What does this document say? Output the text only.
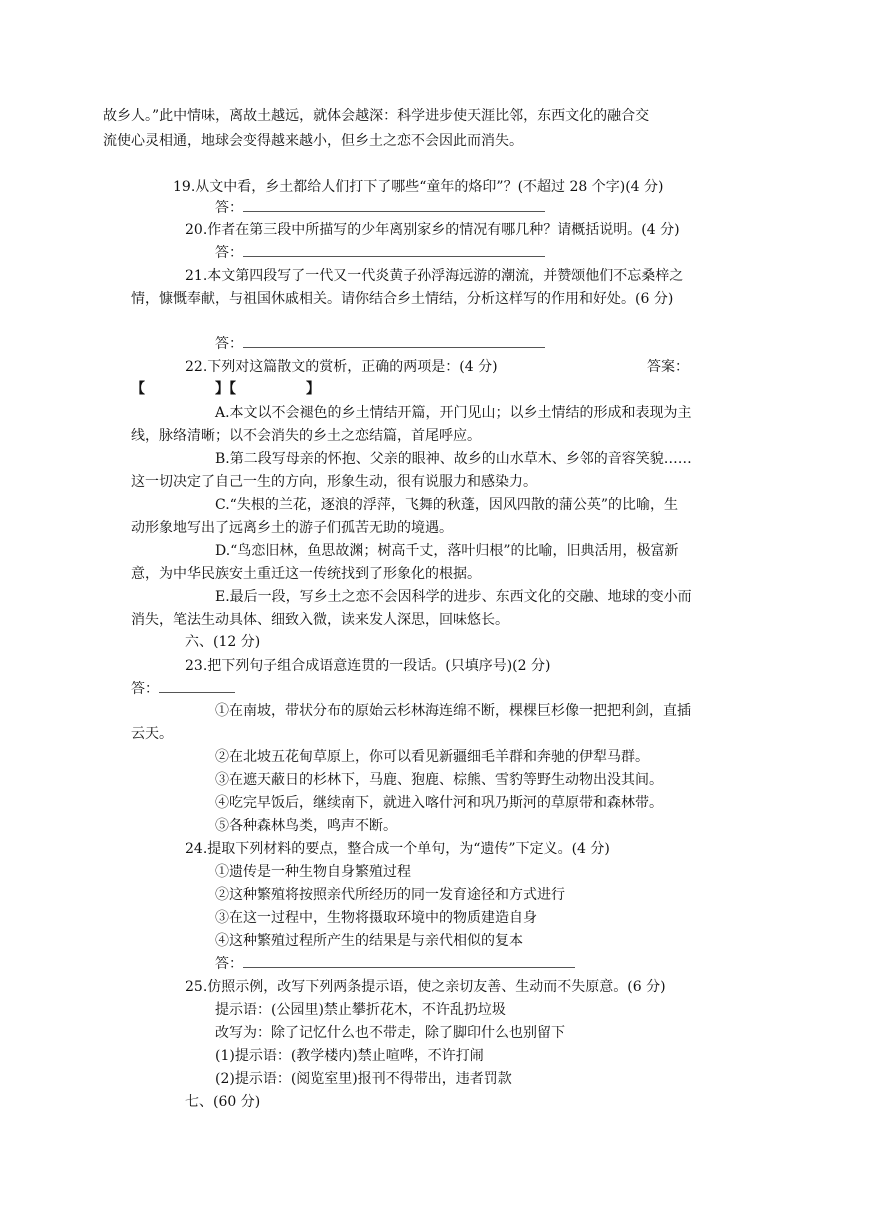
故乡人。”此中情味，离故土越远，就体会越深：科学进步使天涯比邻，东西文化的融合交
流使心灵相通，地球会变得越来越小，但乡土之恋不会因此而消失。
19.从文中看，乡土都给人们打下了哪些“童年的烙印”？(不超过 28 个字)(4 分)
答：
20.作者在第三段中所描写的少年离别家乡的情况有哪几种？请概括说明。(4 分)
答：
21.本文第四段写了一代又一代炎黄子孙浮海远游的潮流，并赞颂他们不忘桑梓之
情，慷慨奉献，与祖国休戚相关。请你结合乡土情结，分析这样写的作用和好处。(6 分)
答：
22.下列对这篇散文的赏析，正确的两项是：(4 分)	答案：
【　　　　　】【　　　　　】
A.本文以不会褪色的乡土情结开篇，开门见山；以乡土情结的形成和表现为主
线，脉络清晰；以不会消失的乡土之恋结篇，首尾呼应。
B.第二段写母亲的怀抱、父亲的眼神、故乡的山水草木、乡邻的音容笑貌……
这一切决定了自己一生的方向，形象生动，很有说服力和感染力。
C.“失根的兰花，逐浪的浮萍，飞舞的秋蓬，因风四散的蒲公英”的比喻，生
动形象地写出了远离乡土的游子们孤苦无助的境遇。
D.“鸟恋旧林，鱼思故渊；树高千丈，落叶归根”的比喻，旧典活用，极富新
意，为中华民族安土重迁这一传统找到了形象化的根据。
E.最后一段，写乡土之恋不会因科学的进步、东西文化的交融、地球的变小而
消失，笔法生动具体、细致入微，读来发人深思，回味悠长。
六、(12 分)
23.把下列句子组合成语意连贯的一段话。(只填序号)(2 分)
答：
①在南坡，带状分布的原始云杉林海连绵不断，棵棵巨杉像一把把利剑，直插
云天。
②在北坡五花甸草原上，你可以看见新疆细毛羊群和奔驰的伊犁马群。
③在遮天蔽日的杉林下，马鹿、狍鹿、棕熊、雪豹等野生动物出没其间。
④吃完早饭后，继续南下，就进入喀什河和巩乃斯河的草原带和森林带。
⑤各种森林鸟类，鸣声不断。
24.提取下列材料的要点，整合成一个单句，为“遗传”下定义。(4 分)
①遗传是一种生物自身繁殖过程
②这种繁殖将按照亲代所经历的同一发育途径和方式进行
③在这一过程中，生物将摄取环境中的物质建造自身
④这种繁殖过程所产生的结果是与亲代相似的复本
答：
25.仿照示例，改写下列两条提示语，使之亲切友善、生动而不失原意。(6 分)
提示语：(公园里)禁止攀折花木，不许乱扔垃圾
改写为：除了记忆什么也不带走，除了脚印什么也别留下
(1)提示语：(教学楼内)禁止喧哗，不许打闹
(2)提示语：(阅览室里)报刊不得带出，违者罚款
七、(60 分)
